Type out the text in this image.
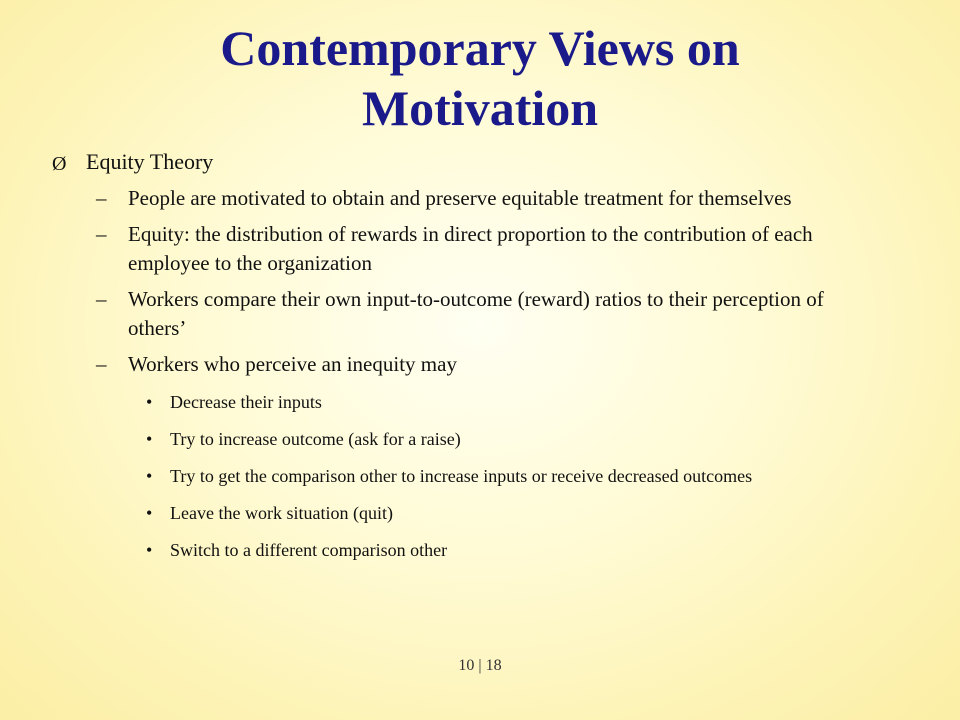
Contemporary Views on Motivation
Ø Equity Theory
– People are motivated to obtain and preserve equitable treatment for themselves
– Equity: the distribution of rewards in direct proportion to the contribution of each employee to the organization
– Workers compare their own input-to-outcome (reward) ratios to their perception of others’
– Workers who perceive an inequity may
• Decrease their inputs
• Try to increase outcome (ask for a raise)
• Try to get the comparison other to increase inputs or receive decreased outcomes
• Leave the work situation (quit)
• Switch to a different comparison other
10 | 18
